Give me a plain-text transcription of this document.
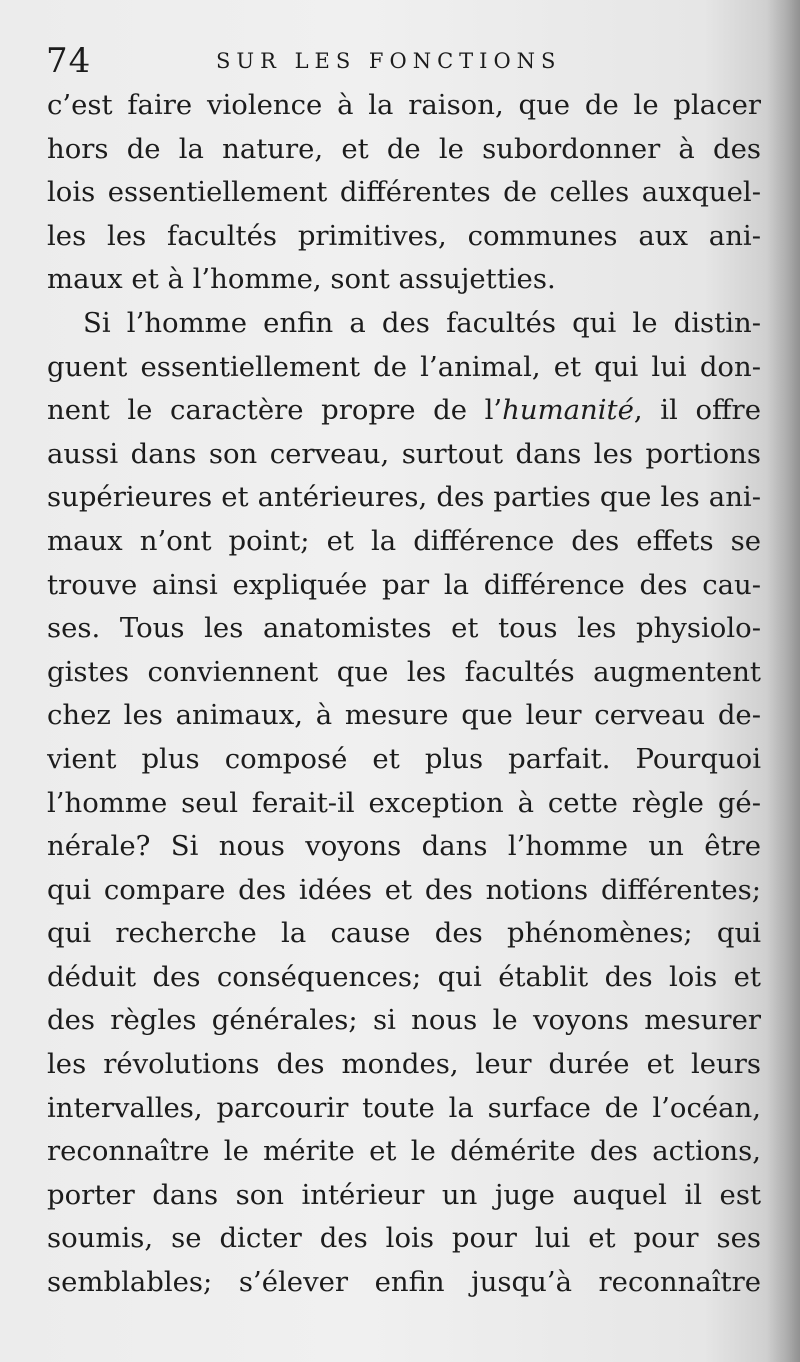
74	SUR LES FONCTIONS
c’est faire violence à la raison, que de le placer
hors de la nature, et de le subordonner à des
lois essentiellement différentes de celles auxquel-
les les facultés primitives, communes aux ani-
maux et à l’homme, sont assujetties.
Si l’homme enfin a des facultés qui le distin-
guent essentiellement de l’animal, et qui lui don-
nent le caractère propre de l’humanité, il offre
aussi dans son cerveau, surtout dans les portions
supérieures et antérieures, des parties que les ani-
maux n’ont point; et la différence des effets se
trouve ainsi expliquée par la différence des cau-
ses. Tous les anatomistes et tous les physiolo-
gistes conviennent que les facultés augmentent
chez les animaux, à mesure que leur cerveau de-
vient plus composé et plus parfait. Pourquoi
l’homme seul ferait-il exception à cette règle gé-
nérale? Si nous voyons dans l’homme un être
qui compare des idées et des notions différentes;
qui recherche la cause des phénomènes; qui
déduit des conséquences; qui établit des lois et
des règles générales; si nous le voyons mesurer
les révolutions des mondes, leur durée et leurs
intervalles, parcourir toute la surface de l’océan,
reconnaître le mérite et le démérite des actions,
porter dans son intérieur un juge auquel il est
soumis, se dicter des lois pour lui et pour ses
semblables; s’élever enfin jusqu’à reconnaître
